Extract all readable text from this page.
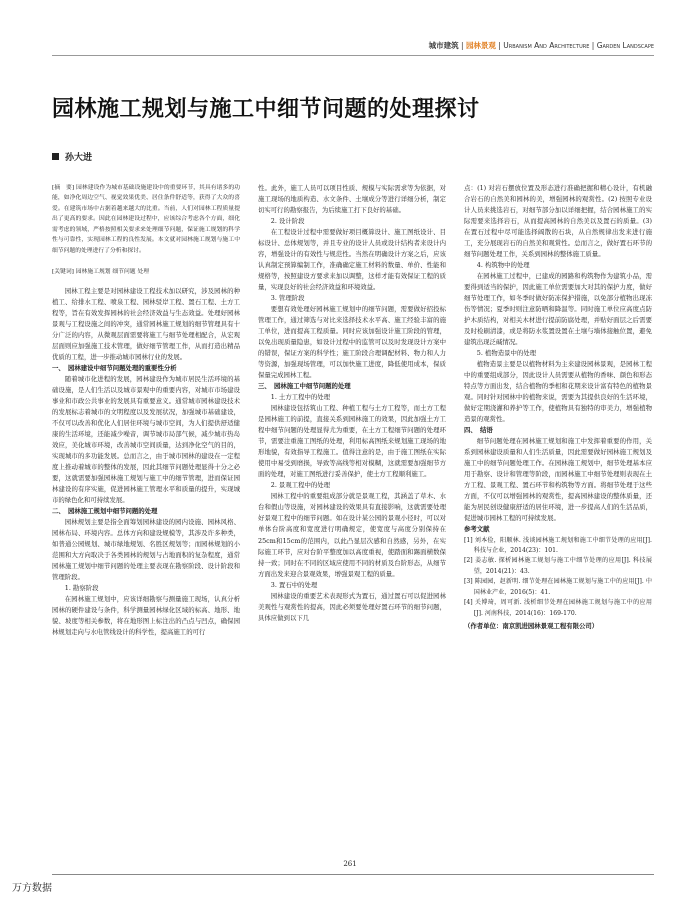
城市建筑 | 园林景观 | Urbanism And Architecture | Garden Landscape
园林施工规划与施工中细节问题的处理探讨
孙大进

[摘　要] 园林建设作为城市基础设施建设中的重要环节，其具有诸多的功能，如净化周边空气、视觉效果优美、居住条件舒适等，获得了大众的喜爱。在建筑市场中占据着越来越大的比重。当前，人们对园林工程质量提出了更高的要求。因此在园林建设过程中，应该综合考虑各个方面，细化需考虑的领域，严格按照相关要求来处理细节问题，保证施工规划的科学性与可靠性，实现园林工程的良性发展。本文就对园林施工规划与施工中细节问题的处理进行了分析和探讨。

[关键词] 园林施工规划 细节问题 处理

园林工程主要是对园林建设工程技术加以研究，涉及园林的种植工、给排水工程、喷泉工程、园林驳岸工程、置石工程、土方工程等，旨在有效发挥园林的社会经济效益与生态效益。处理好园林景观与工程设施之间的冲突，通常园林施工规划的细节管理具有十分广泛的内容，从微观层面需要将施工与细节处理相配合，从宏观层面则应加强施工技术管理，做好细节管理工作，从而打造出精品优质的工程，进一步推动城市园林行业的发展。

一、　园林建设中细节问题处理的重要性分析

随着城市化进程的发展，园林建设作为城市居民生活环境的基础设施，是人们生活以及城市景观中的重要内容，对城市市场建设事业和市政公共事业的发展具有重要意义。通常城市园林建设技术的发展标志着城市的文明程度以及发展状况，加强城市基础建设，不仅可以改善和优化人们居住环境与城市空间，为人们提供舒适健康的生活环境，还能减少噪音，调节城市局部气候，减少城市热岛效应，美化城市环境，改善城市空间质量，达到净化空气的目的，实现城市的多功能发展。总而言之，由于城市园林的建设在一定程度上推动着城市的整体的发展，因此其细节问题处理显得十分之必要，这就需要加强园林施工规划与施工中的细节管理，进而保证园林建设的有序实施，促进园林施工管理水平和质量的提升，实现城市的绿色化和可持续发展。

二、　园林施工规划中细节问题的处理

园林规划主要是指全面筹划园林建设的园内设施、园林风格、园林布局、环境内容。总体方向和建设规模等，其涉及许多种类，如普通公园规划、城市绿地规划、名胜区规划等；而园林规划的小范围和大方向取决于各类园林的规划与占地面积的复杂程度，通常园林施工规划中细节问题的处理主要表现在勘察阶段、设计阶段和管理阶段。

1. 勘察阶段

在园林施工规划中，应该详细勘察与测量施工现场，认真分析园林的硬件建设与条件，科学测量园林绿化区域的标高、地形、地貌、坡度等相关参数，将在地形图上标注出的凸点与凹点，确保园林规划走向与水电管线设计的科学性，提高施工的可行

性。此外，施工人员可以项目性质、规模与实际需求等为依据，对施工现场的地质构造、水文条件、土壤成分等进行详细分析，制定切实可行的勘察报告，为后续施工打下良好的基础。

2. 设计阶段

在工程设计过程中需要做好项目概算设计、施工图纸设计、目标设计、总体规划等，并且专业的设计人员或设计结构者来设计内容，增强设计的有效性与规范性。当然在明确设计方案之后，应该认真制定预算编制工作，准确确定施工材料的数量、单价、性能和规格等，按照建设方要求来加以调整，这样才能有效保证工程的质量，实现良好的社会经济效益和环境效益。

3. 管理阶段

要想有效处理好园林施工规划中的细节问题，需要做好招投标管理工作，通过筛选与对比来选择技术水平高、施工经验丰富的施工单位，进而提高工程质量。同时应该加强设计施工阶段的管理，以免出现质量隐患，如设计过程中的监管可以及时发现设计方案中的错误，保证方案的科学性；施工阶段合理调配材料、物力和人力等资源，加强现场管理，可以加快施工进度，降低使用成本，保质保量完成园林工程。

三、　园林施工中细节问题的处理

1. 土方工程中的处理

园林建设包括筑山工程、种植工程与土方工程等，而土方工程是园林施工的前提，直接关系到园林施工的效果，因此加强土方工程中细节问题的处理显得尤为重要，在土方工程细节问题的处理环节，需要注重施工图纸的处理，利用标高图纸来规划施工现场的地形地貌，有效指导工程施工。值得注意的是，由于施工图纸在实际使用中易受到磨损，导致等高线等相对模糊，这就需要加强细节方面的处理，对施工图纸进行妥善保护，使土方工程顺利施工。

2. 景观工程中的处理

园林工程中的重要组成部分就是景观工程，其涵盖了草木、水台和假山等设施，对园林建设的效果具有直接影响，这就需要处理好景观工程中的细节问题。如在设计某公园的景观小径时，可以对单体台阶高度和宽度进行明确规定，使宽度与高度分别保持在25cm和15cm的范围内，以此凸显层次感和自然感，另外，在实际施工环节，应对台阶平整度加以高度重视，使踏面和踢面横数保持一致；同时在不同的区域应使用不同的材质及台阶形态，从细节方面出发来迎合景观效果，增强景观工程的质量。

3. 置石中的处理

园林建设的重要艺术表现形式为置石，通过置石可以促进园林美观性与观赏性的提高，因此必须要处理好置石环节的细节问题，具体应做到以下几

点：(1) 对岩石摆放位置及形态进行准确把握和精心设计，有机融合岩石的自然美和园林的美，增强园林的观赏性。(2) 按照专业设计人员来挑选岩石，对细节部分加以详细把握，结合园林施工的实际需要来选择岩石，从而提高园林的自然美以及置石的质量。(3) 在置石过程中尽可能选择阔散的石块，从自然规律出发来进行施工，充分展现岩石的自然美和观赏性。总而言之，做好置石环节的细节问题处理工作，关系到园林的整体施工质量。

4. 构筑物中的处理

在园林施工过程中，已建成的园路和构筑物作为建筑小品，需要得到适当的保护，因此施工单位需要加大对其的保护力度，做好细节处理工作，如冬季时做好防冻保护措施，以免部分植物出现冻伤等情况；夏季时则注意防晒和降温等。同时施工单位应高度点防护木质结构，对相关木材进行提前防腐处理，并贴好面层之后需要及时检刷清漆，或是将防水浆置设置在土壤与墙体接触位置，避免建筑出现泛碱情况。

5. 植物造景中的处理

植物造景主要是以植物材料为主来建设园林景观，是园林工程中的重要组成部分，因此设计人员需要从植物的香味、颜色和形态特点等方面出发，结合植物的季相和花期来设计富有特色的植物景观。同时针对园林中的植物来说，需要为其提供良好的生活环境，做好定期浇灌和养护等工作，使植物具有独特的审美力，增强植物造景的观赏性。

四、　结语

细节问题处理在园林施工规划和施工中发挥着重要的作用，关系到园林建设质量和人们生活质量，因此需要做好园林施工规划及施工中的细节问题处理工作。在园林施工规划中，细节处理基本应用于勘察、设计和管理等阶段，而园林施工中细节处理则表现在土方工程、景观工程、置石环节和构筑物等方面。将细节处理于这些方面，不仅可以增强园林的观赏性，提高园林建设的整体质量，还能为居民创设健康舒适的居住环境，进一步提高人们的生活品质，促进城市园林工程的可持续发展。

参考文献

[1] 刘本俭，阳顺林. 浅谈园林施工规划和施工中细节处理的应用[J]. 科技与企业，2014(23)：101.

[2] 姜志敏. 探析园林施工规划与施工中细节处理的应用[J]. 科技展望，2014(21)：43.

[3] 陈园园，赵新明. 细节处理在园林施工规划与施工中的应用[J]. 中国林业产业，2016(5)：41.

[4] 关博琦，周可新. 浅析细节处理在园林施工规划与施工中的应用[J]. 河南科技，2014(16)：169-170.

（作者单位：南京凯进园林景观工程有限公司）

261
万方数据
